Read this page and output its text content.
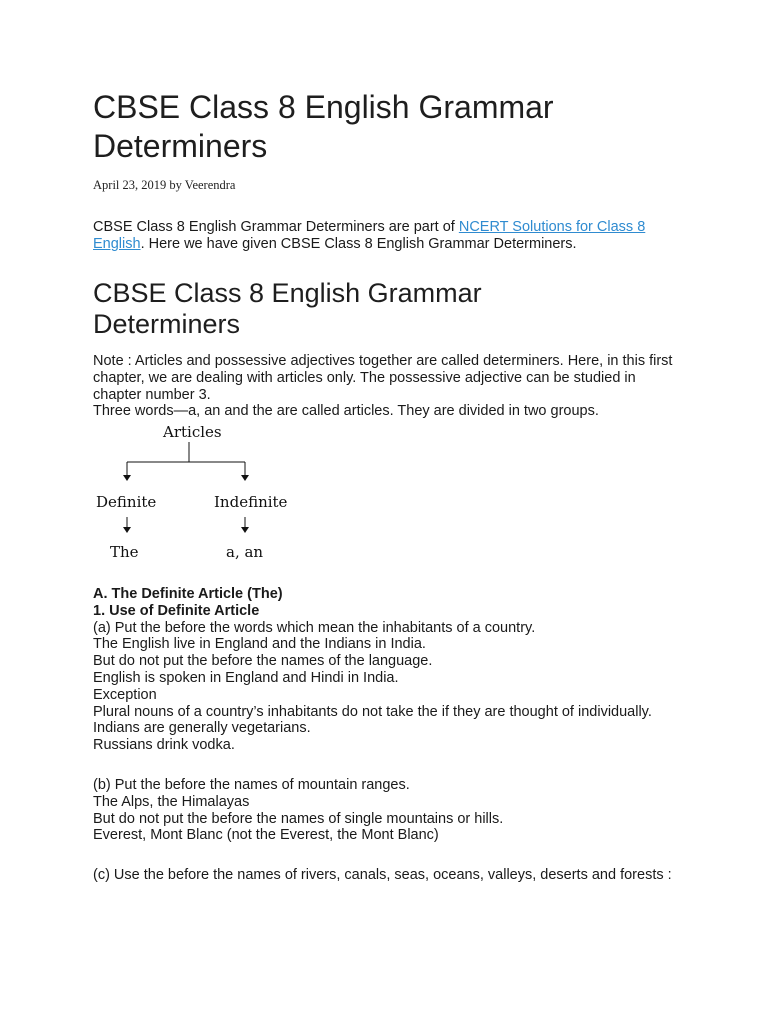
CBSE Class 8 English Grammar Determiners
April 23, 2019 by Veerendra
CBSE Class 8 English Grammar Determiners are part of NCERT Solutions for Class 8 English. Here we have given CBSE Class 8 English Grammar Determiners.
CBSE Class 8 English Grammar Determiners

Note : Articles and possessive adjectives together are called determiners. Here, in this first chapter, we are dealing with articles only. The possessive adjective can be studied in chapter number 3.

Three words—a, an and the are called articles. They are divided in two groups.

Articles
Definite	Indefinite
The	a, an

A. The Definite Article (The)

1. Use of Definite Article

(a) Put the before the words which mean the inhabitants of a country.

The English live in England and the Indians in India.

But do not put the before the names of the language.

English is spoken in England and Hindi in India.

Exception

Plural nouns of a country’s inhabitants do not take the if they are thought of individually.

Indians are generally vegetarians.

Russians drink vodka.

(b) Put the before the names of mountain ranges.

The Alps, the Himalayas

But do not put the before the names of single mountains or hills.

Everest, Mont Blanc (not the Everest, the Mont Blanc)

(c) Use the before the names of rivers, canals, seas, oceans, valleys, deserts and forests :
